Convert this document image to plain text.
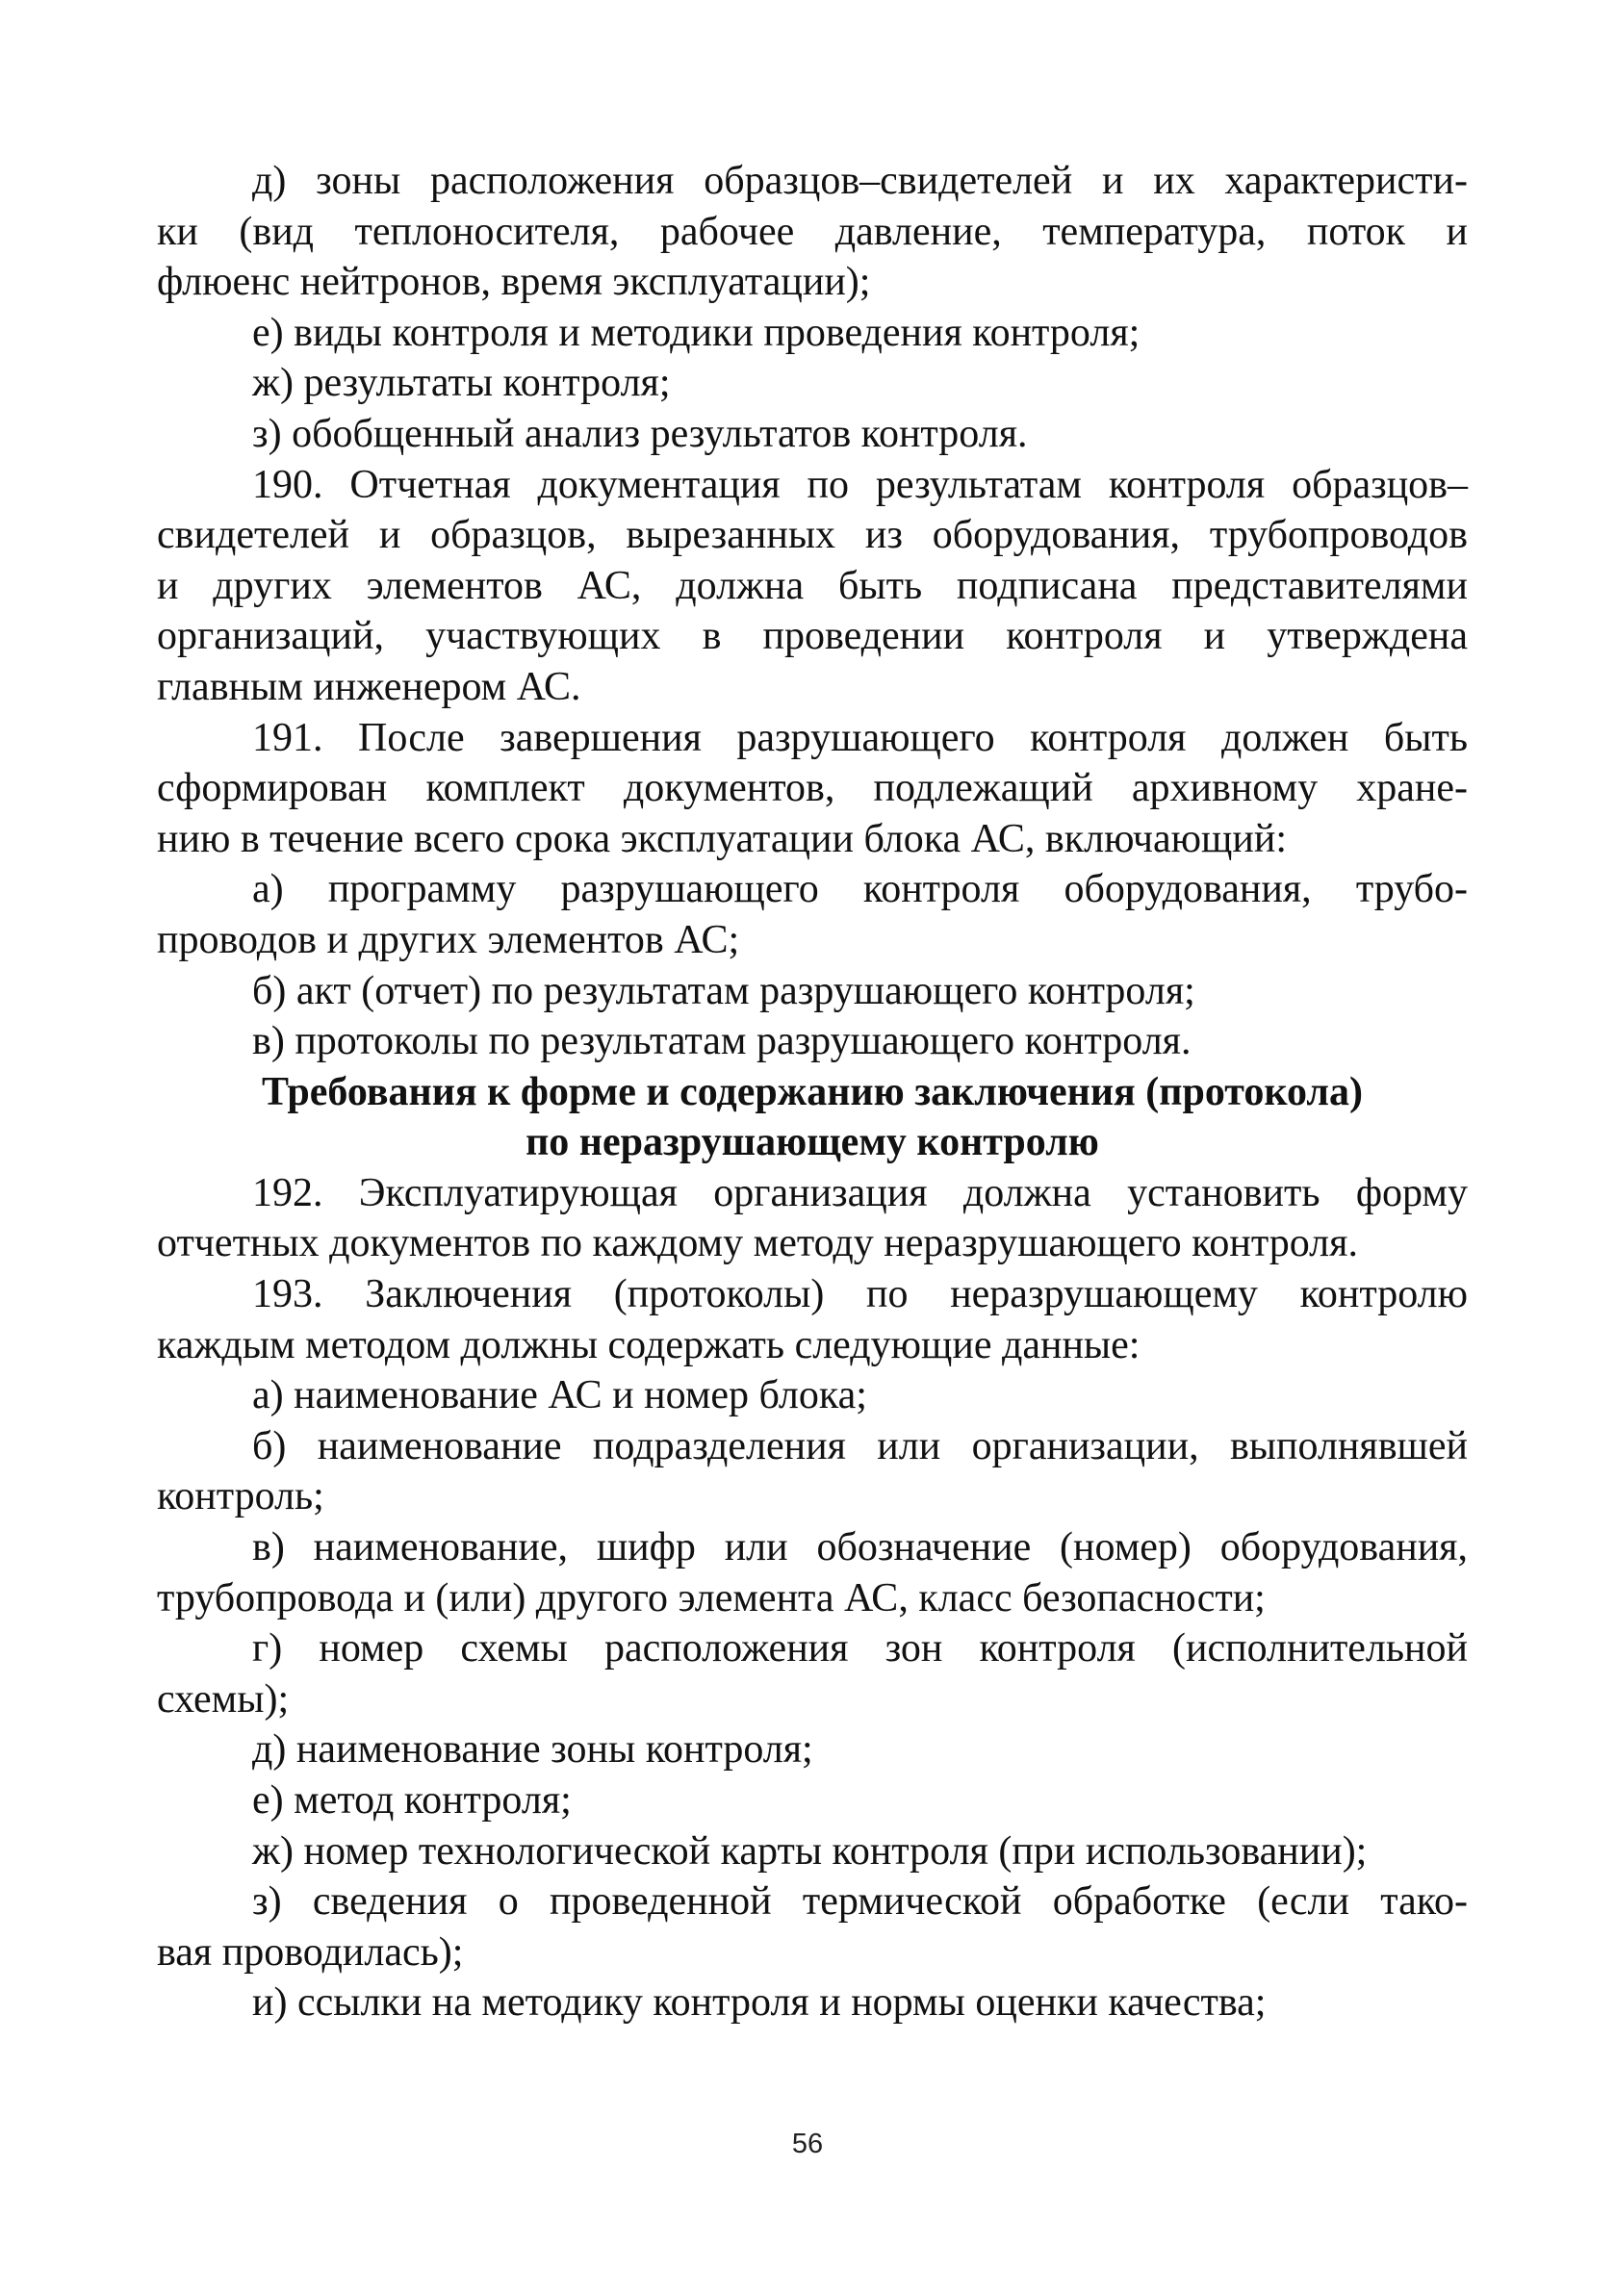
д) зоны расположения образцов–свидетелей и их характеристи-
ки (вид теплоносителя, рабочее давление, температура, поток и
флюенс нейтронов, время эксплуатации);
е) виды контроля и методики проведения контроля;
ж) результаты контроля;
з) обобщенный анализ результатов контроля.
190. Отчетная документация по результатам контроля образцов–
свидетелей и образцов, вырезанных из оборудования, трубопроводов
и других элементов АС, должна быть подписана представителями
организаций, участвующих в проведении контроля и утверждена
главным инженером АС.
191. После завершения разрушающего контроля должен быть
сформирован комплект документов, подлежащий архивному хране-
нию в течение всего срока эксплуатации блока АС, включающий:
а) программу разрушающего контроля оборудования, трубо-
проводов и других элементов АС;
б) акт (отчет) по результатам разрушающего контроля;
в) протоколы по результатам разрушающего контроля.
Требования к форме и содержанию заключения (протокола)
по неразрушающему контролю
192. Эксплуатирующая организация должна установить форму
отчетных документов по каждому методу неразрушающего контроля.
193. Заключения (протоколы) по неразрушающему контролю
каждым методом должны содержать следующие данные:
а) наименование АС и номер блока;
б) наименование подразделения или организации, выполнявшей
контроль;
в) наименование, шифр или обозначение (номер) оборудования,
трубопровода и (или) другого элемента АС, класс безопасности;
г) номер схемы расположения зон контроля (исполнительной
схемы);
д) наименование зоны контроля;
е) метод контроля;
ж) номер технологической карты контроля (при использовании);
з) сведения о проведенной термической обработке (если тако-
вая проводилась);
и) ссылки на методику контроля и нормы оценки качества;
56
